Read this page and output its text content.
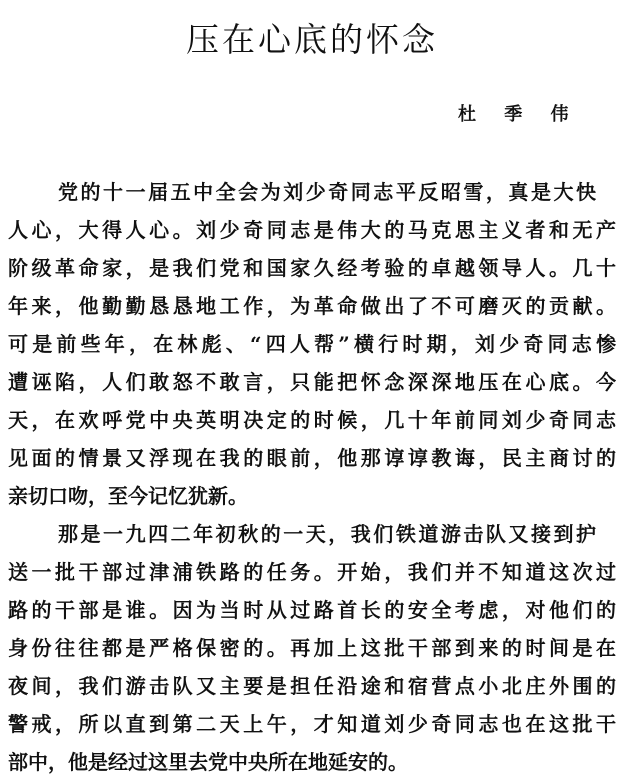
压在心底的怀念
杜 季 伟
党的十一届五中全会为刘少奇同志平反昭雪，真是大快
人心，大得人心。刘少奇同志是伟大的马克思主义者和无产
阶级革命家，是我们党和国家久经考验的卓越领导人。几十
年来，他勤勤恳恳地工作，为革命做出了不可磨灭的贡献。
可是前些年，在林彪、“四人帮”横行时期，刘少奇同志惨
遭诬陷，人们敢怒不敢言，只能把怀念深深地压在心底。今
天，在欢呼党中央英明决定的时候，几十年前同刘少奇同志
见面的情景又浮现在我的眼前，他那谆谆教诲，民主商讨的
亲切口吻，至今记忆犹新。
那是一九四二年初秋的一天，我们铁道游击队又接到护
送一批干部过津浦铁路的任务。开始，我们并不知道这次过
路的干部是谁。因为当时从过路首长的安全考虑，对他们的
身份往往都是严格保密的。再加上这批干部到来的时间是在
夜间，我们游击队又主要是担任沿途和宿营点小北庄外围的
警戒，所以直到第二天上午，才知道刘少奇同志也在这批干
部中，他是经过这里去党中央所在地延安的。
